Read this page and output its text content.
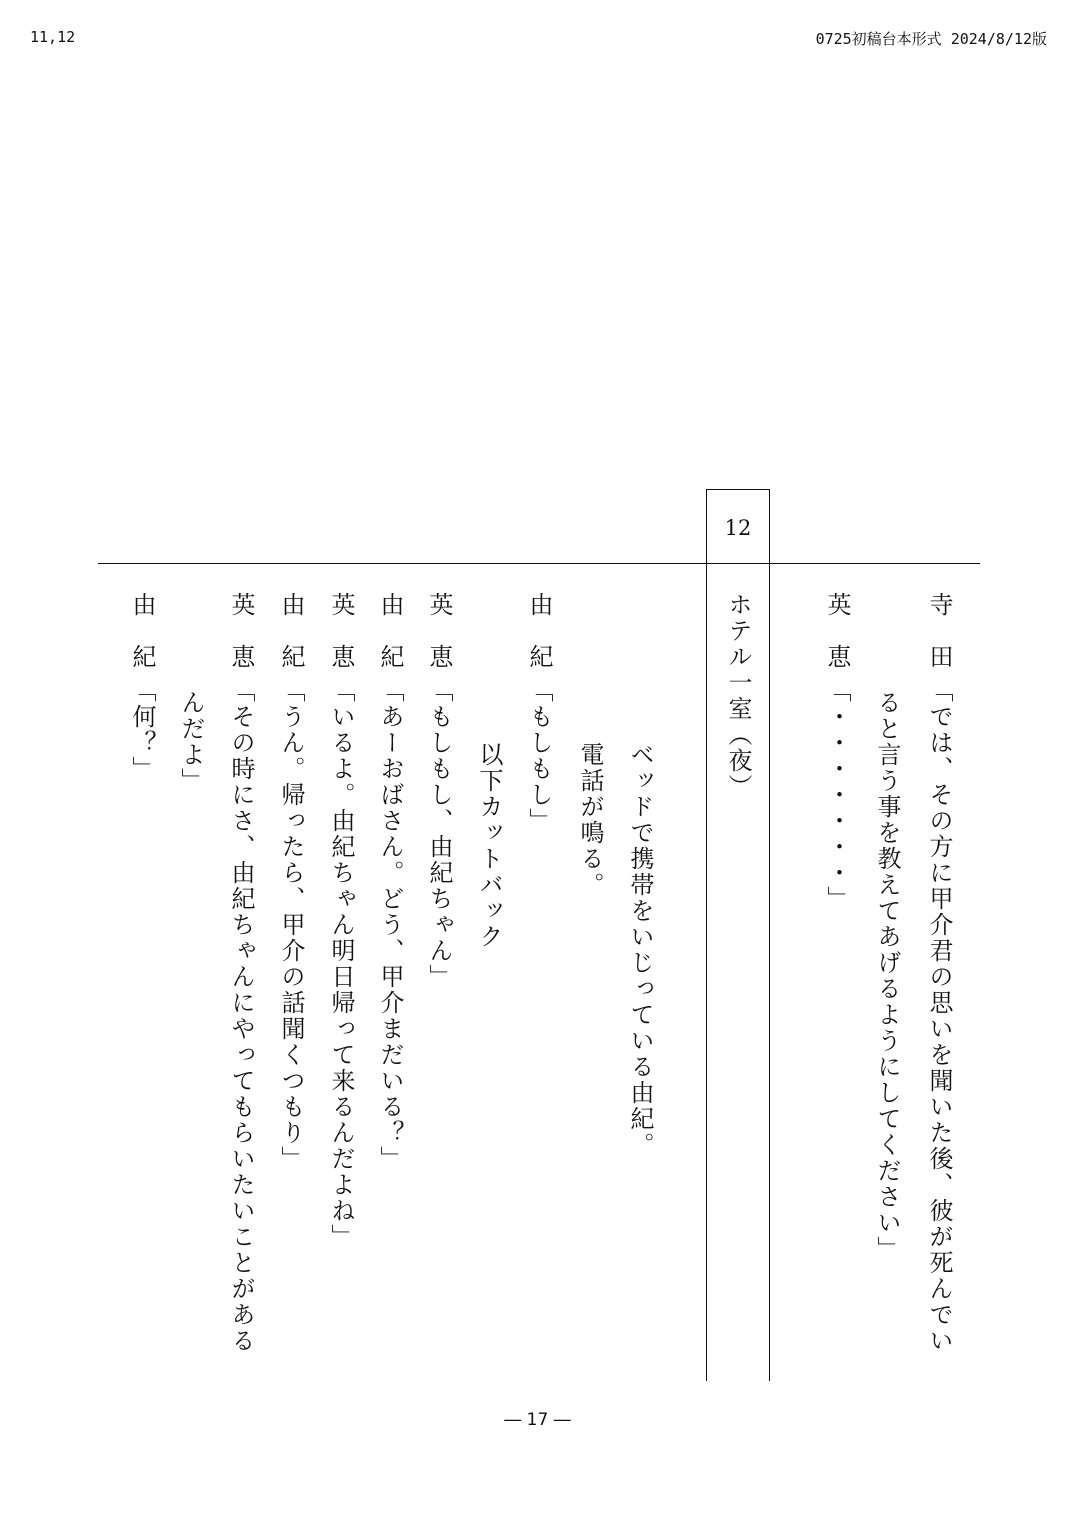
11,12	0725初稿台本形式 2024/8/12版
12
寺　田
「では、その方に甲介君の思いを聞いた後、彼が死んでい
ると言う事を教えてあげるようにしてください」
英　恵
「・・・・・・・」
ホテル一室（夜）
ベッドで携帯をいじっている由紀。
電話が鳴る。
由　紀
「もしもし」
以下カットバック
英　恵
「もしもし、由紀ちゃん」
由　紀
「あーおばさん。どう、甲介まだいる？」
英　恵
「いるよ。由紀ちゃん明日帰って来るんだよね」
由　紀
「うん。帰ったら、甲介の話聞くつもり」
英　恵
「その時にさ、由紀ちゃんにやってもらいたいことがある
んだよ」
由　紀
「何？」
― 17 ―
